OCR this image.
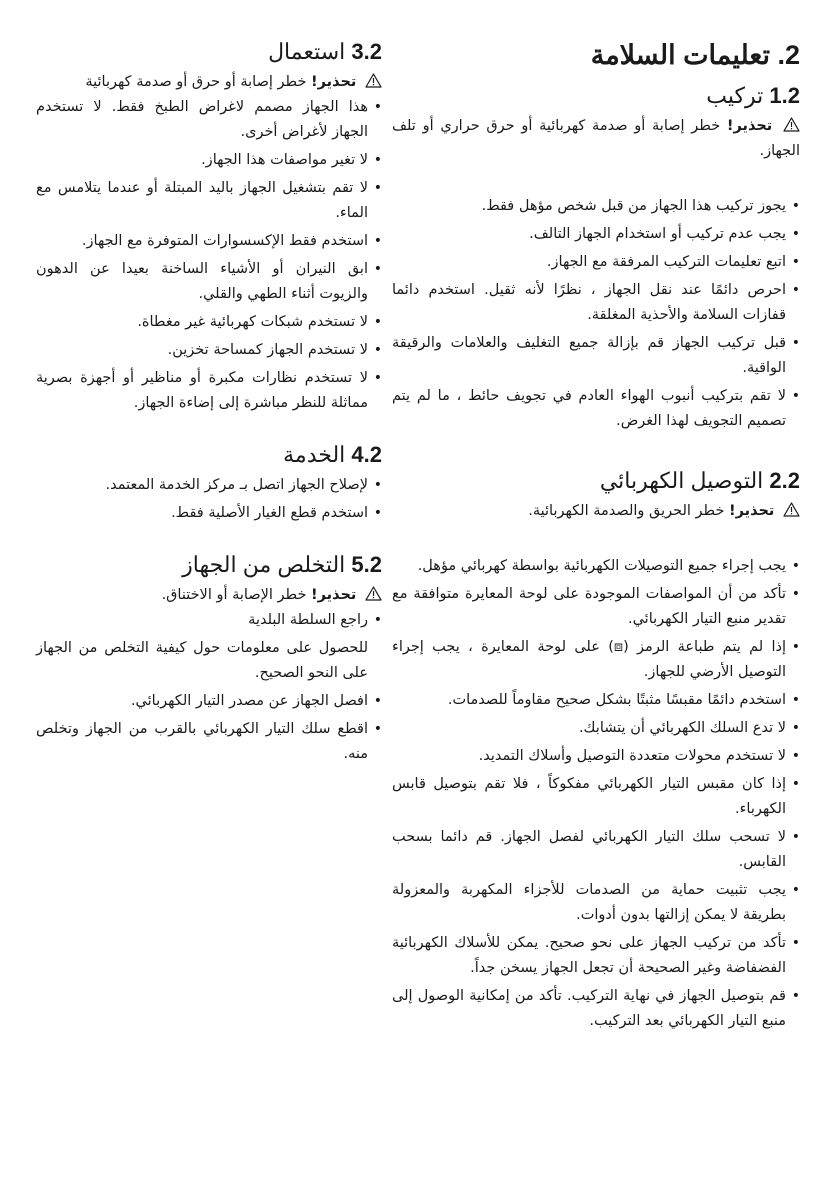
2. تعليمات السلامة
1.2 تركيب

تحذير! خطر إصابة أو صدمة كهربائية أو حرق حراري أو تلف الجهاز.

• يجوز تركيب هذا الجهاز من قبل شخص مؤهل فقط.
• يجب عدم تركيب أو استخدام الجهاز التالف.
• اتبع تعليمات التركيب المرفقة مع الجهاز.
• احرص دائمًا عند نقل الجهاز ، نظرًا لأنه ثقيل. استخدم دائما قفازات السلامة والأحذية المغلقة.
• قبل تركيب الجهاز قم بإزالة جميع التغليف والعلامات والرقيقة الواقية.
• لا تقم بتركيب أنبوب الهواء العادم في تجويف حائط ، ما لم يتم تصميم التجويف لهذا الغرض.
2.2 التوصيل الكهربائي

تحذير! خطر الحريق والصدمة الكهربائية.

• يجب إجراء جميع التوصيلات الكهربائية بواسطة كهربائي مؤهل.
• تأكد من أن المواصفات الموجودة على لوحة المعايرة متوافقة مع تقدير منبع التيار الكهربائي.
• إذا لم يتم طباعة الرمز (⧈) على لوحة المعايرة ، يجب إجراء التوصيل الأرضي للجهاز.
• استخدم دائمًا مقبسًا مثبتًا بشكل صحيح مقاوماً للصدمات.
• لا تدع السلك الكهربائي أن يتشابك.
• لا تستخدم محولات متعددة التوصيل وأسلاك التمديد.
• إذا كان مقبس التيار الكهربائي مفكوكاً ، فلا تقم بتوصيل قابس الكهرباء.
• لا تسحب سلك التيار الكهربائي لفصل الجهاز. قم دائما بسحب القابس.
• يجب تثبيت حماية من الصدمات للأجزاء المكهربة والمعزولة بطريقة لا يمكن إزالتها بدون أدوات.
• تأكد من تركيب الجهاز على نحو صحيح. يمكن للأسلاك الكهربائية الفضفاضة وغير الصحيحة أن تجعل الجهاز يسخن جداً.
• قم بتوصيل الجهاز في نهاية التركيب. تأكد من إمكانية الوصول إلى منبع التيار الكهربائي بعد التركيب.
3.2 استعمال

تحذير! خطر إصابة أو حرق أو صدمة كهربائية

• هذا الجهاز مصمم لاغراض الطبخ فقط. لا تستخدم الجهاز لأغراض أخرى.
• لا تغير مواصفات هذا الجهاز.
• لا تقم بتشغيل الجهاز باليد المبتلة أو عندما يتلامس مع الماء.
• استخدم فقط الإكسسوارات المتوفرة مع الجهاز.
• ابق النيران أو الأشياء الساخنة بعيدا عن الدهون والزيوت أثناء الطهي والقلي.
• لا تستخدم شبكات كهربائية غير مغطاة.
• لا تستخدم الجهاز كمساحة تخزين.
• لا تستخدم نظارات مكبرة أو مناظير أو أجهزة بصرية مماثلة للنظر مباشرة إلى إضاءة الجهاز.
4.2 الخدمة
• لإصلاح الجهاز اتصل بـ مركز الخدمة المعتمد.
• استخدم قطع الغيار الأصلية فقط.
5.2 التخلص من الجهاز

تحذير! خطر الإصابة أو الاختناق.

• راجع السلطة البلدية
للحصول على معلومات حول كيفية التخلص من الجهاز على النحو الصحيح.
• افصل الجهاز عن مصدر التيار الكهربائي.
• اقطع سلك التيار الكهربائي بالقرب من الجهاز وتخلص منه.
